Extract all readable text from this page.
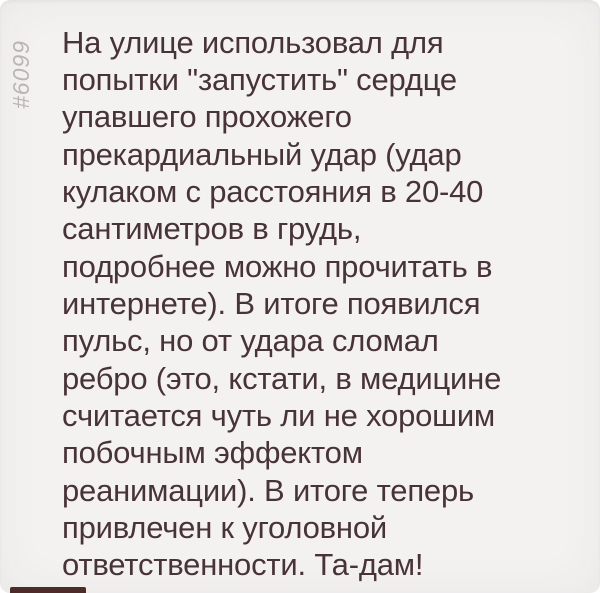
#6099 На улице использовал для
попытки "запустить" сердце
упавшего прохожего
прекардиальный удар (удар
кулаком с расстояния в 20-40
сантиметров в грудь,
подробнее можно прочитать в
интернете). В итоге появился
пульс, но от удара сломал
ребро (это, кстати, в медицине
считается чуть ли не хорошим
побочным эффектом
реанимации). В итоге теперь
привлечен к уголовной
ответственности. Та-дам!
